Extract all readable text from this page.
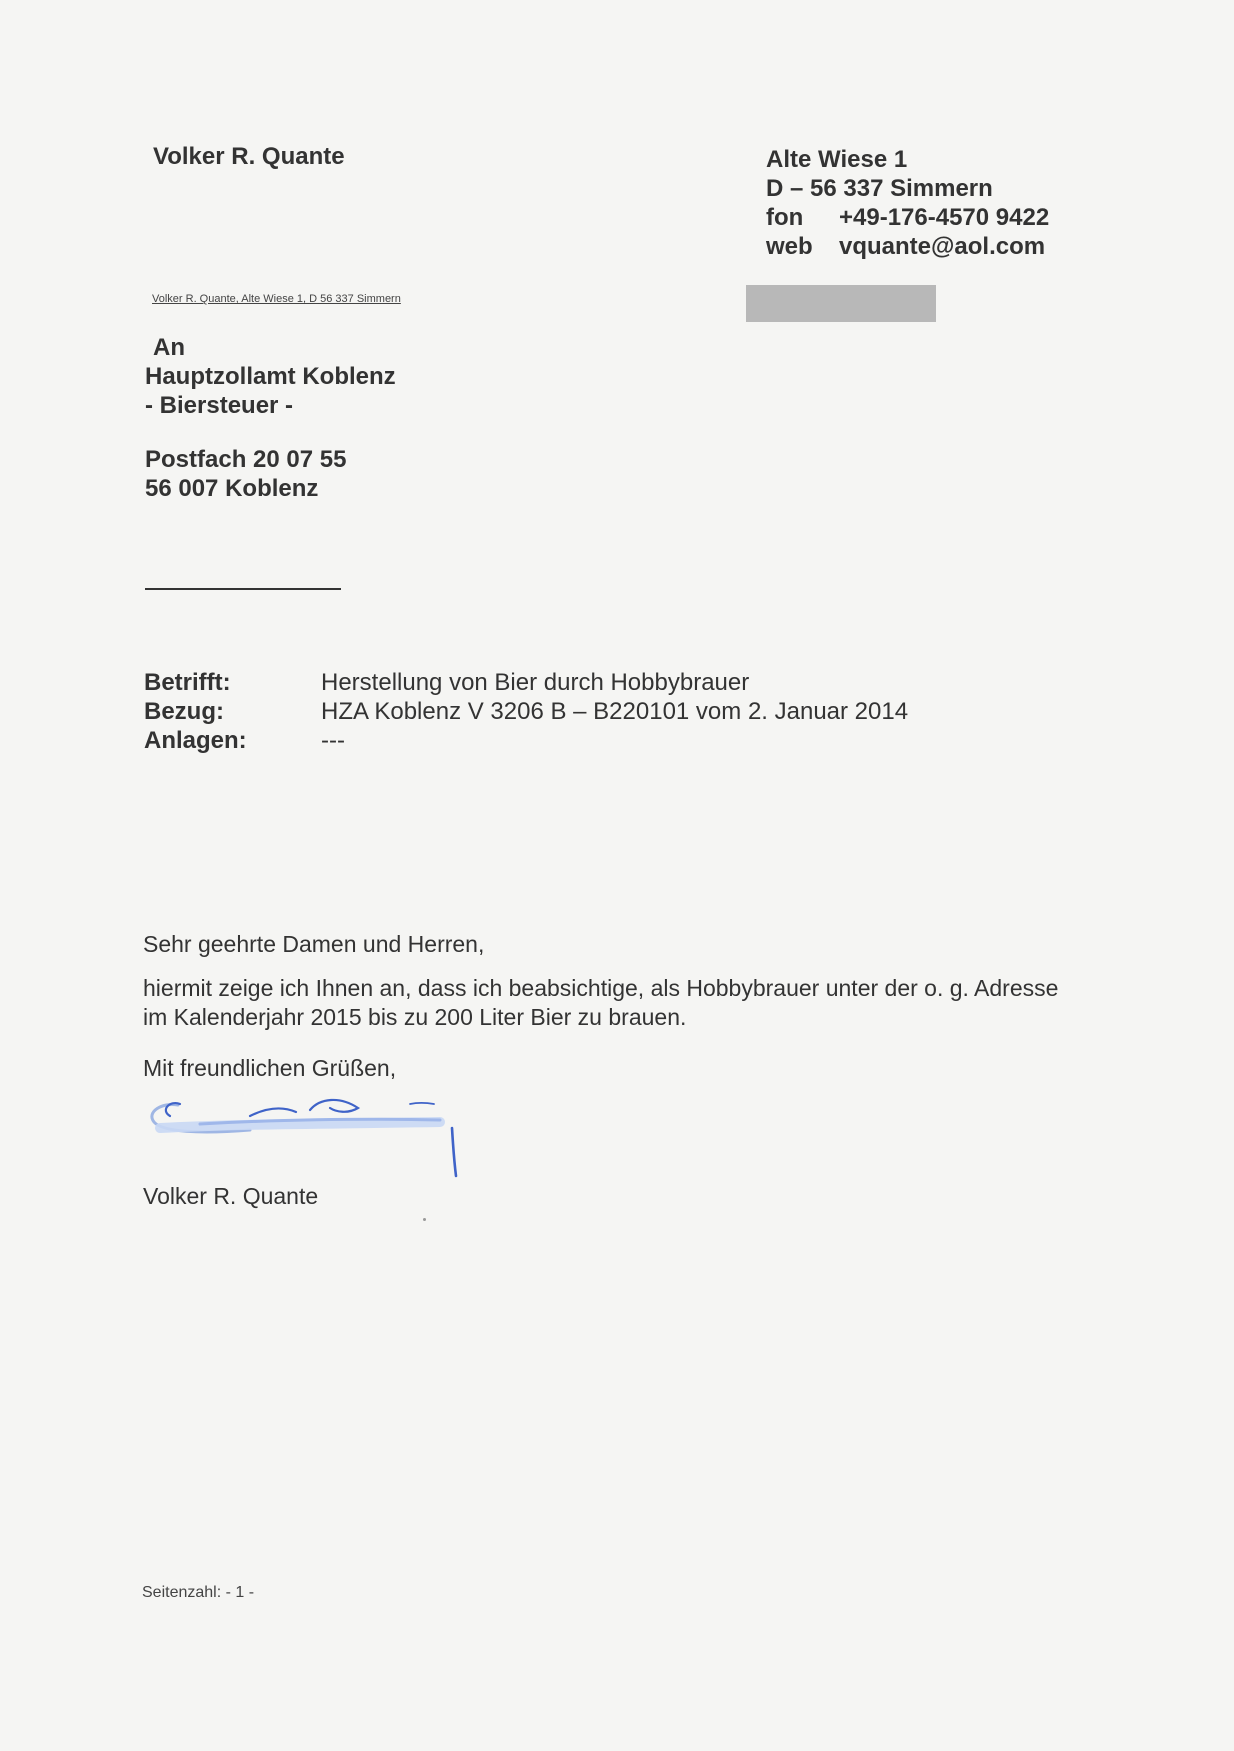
Volker R. Quante	Alte Wiese 1
D – 56 337 Simmern
fon	+49-176-4570 9422
web	vquante@aol.com
Volker R. Quante, Alte Wiese 1, D 56 337 Simmern
An
Hauptzollamt Koblenz
- Biersteuer -
Postfach 20 07 55
56 007 Koblenz
Betrifft:	Herstellung von Bier durch Hobbybrauer
Bezug:	HZA Koblenz V 3206 B – B220101 vom 2. Januar 2014
Anlagen:	---
Sehr geehrte Damen und Herren,
hiermit zeige ich Ihnen an, dass ich beabsichtige, als Hobbybrauer unter der o. g. Adresse
im Kalenderjahr 2015 bis zu 200 Liter Bier zu brauen.
Mit freundlichen Grüßen,
Volker R. Quante
Seitenzahl: - 1 -
